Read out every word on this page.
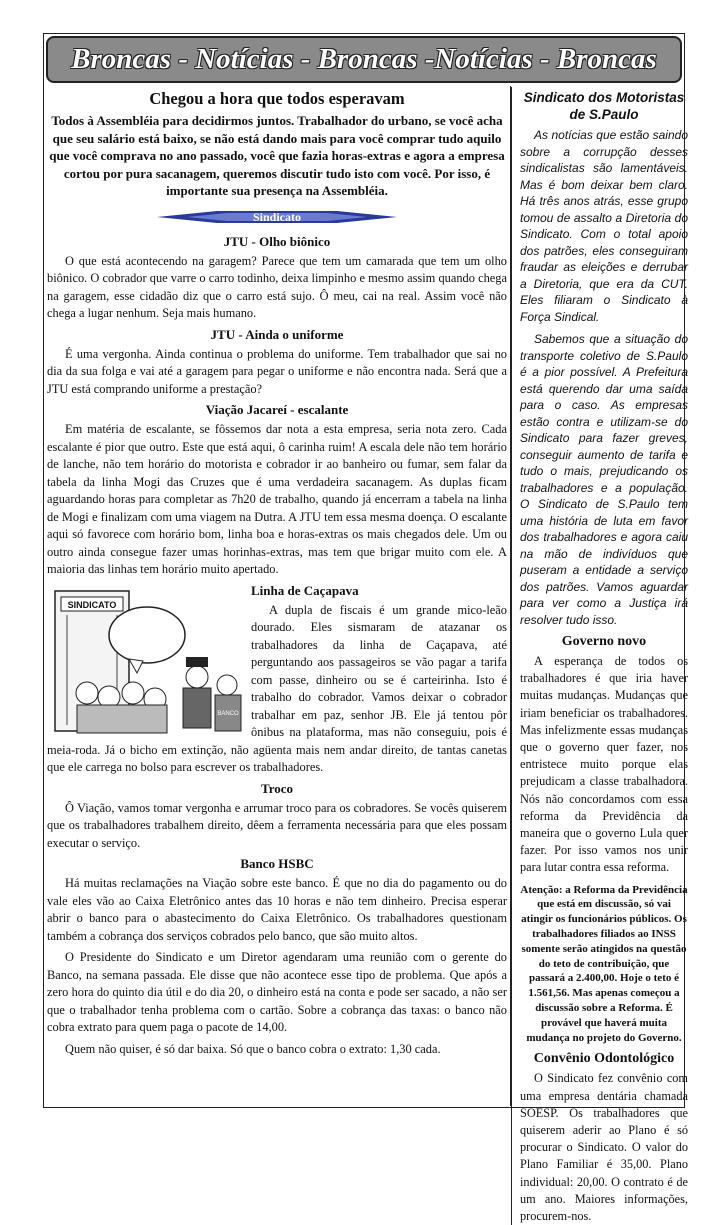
Broncas - Notícias - Broncas -Notícias - Broncas
Chegou a hora que todos esperavam

Todos à Assembléia para decidirmos juntos. Trabalhador do urbano, se você acha que seu salário está baixo, se não está dando mais para você comprar tudo aquilo que você comprava no ano passado, você que fazia horas-extras e agora a empresa cortou por pura sacanagem, queremos discutir tudo isto com você. Por isso, é importante sua presença na Assembléia.

Sindicato
JTU - Olho biônico

O que está acontecendo na garagem? Parece que tem um camarada que tem um olho biônico. O cobrador que varre o carro todinho, deixa limpinho e mesmo assim quando chega na garagem, esse cidadão diz que o carro está sujo. Ô meu, cai na real. Assim você não chega a lugar nenhum. Seja mais humano.

JTU - Ainda o uniforme

É uma vergonha. Ainda continua o problema do uniforme. Tem trabalhador que sai no dia da sua folga e vai até a garagem para pegar o uniforme e não encontra nada. Será que a JTU está comprando uniforme a prestação?

Viação Jacareí - escalante

Em matéria de escalante, se fôssemos dar nota a esta empresa, seria nota zero. Cada escalante é pior que outro. Este que está aqui, ô carinha ruim! A escala dele não tem horário de lanche, não tem horário do motorista e cobrador ir ao banheiro ou fumar, sem falar da tabela da linha Mogi das Cruzes que é uma verdadeira sacanagem. As duplas ficam aguardando horas para completar as 7h20 de trabalho, quando já encerram a tabela na linha de Mogi e finalizam com uma viagem na Dutra. A JTU tem essa mesma doença. O escalante aqui só favorece com horário bom, linha boa e horas-extras os mais chegados dele. Um ou outro ainda consegue fazer umas horinhas-extras, mas tem que brigar muito com ele. A maioria das linhas tem horário muito apertado.

SINDICATO
BANCO
Linha de Caçapava

A dupla de fiscais é um grande mico-leão dourado. Eles sismaram de atazanar os trabalhadores da linha de Caçapava, até perguntando aos passageiros se vão pagar a tarifa com passe, dinheiro ou se é carteirinha. Isto é trabalho do cobrador. Vamos deixar o cobrador trabalhar em paz, senhor JB. Ele já tentou pôr ônibus na plataforma, mas não conseguiu, pois é meia-roda. Já o bicho em extinção, não agüenta mais nem andar direito, de tantas canetas que ele carrega no bolso para escrever os trabalhadores.

Troco

Ô Viação, vamos tomar vergonha e arrumar troco para os cobradores. Se vocês quiserem que os trabalhadores trabalhem direito, dêem a ferramenta necessária para que eles possam executar o serviço.

Banco HSBC

Há muitas reclamações na Viação sobre este banco. É que no dia do pagamento ou do vale eles vão ao Caixa Eletrônico antes das 10 horas e não tem dinheiro. Precisa esperar abrir o banco para o abastecimento do Caixa Eletrônico. Os trabalhadores questionam também a cobrança dos serviços cobrados pelo banco, que são muito altos.

O Presidente do Sindicato e um Diretor agendaram uma reunião com o gerente do Banco, na semana passada. Ele disse que não acontece esse tipo de problema. Que após a zero hora do quinto dia útil e do dia 20, o dinheiro está na conta e pode ser sacado, a não ser que o trabalhador tenha problema com o cartão. Sobre a cobrança das taxas: o banco não cobra extrato para quem paga o pacote de 14,00.

Quem não quiser, é só dar baixa. Só que o banco cobra o extrato: 1,30 cada.

Sindicato dos Motoristas de S.Paulo

As notícias que estão saindo sobre a corrupção desses sindicalistas são lamentáveis. Mas é bom deixar bem claro. Há três anos atrás, esse grupo tomou de assalto a Diretoria do Sindicato. Com o total apoio dos patrões, eles conseguiram fraudar as eleições e derrubar a Diretoria, que era da CUT. Eles filiaram o Sindicato à Força Sindical.

Sabemos que a situação do transporte coletivo de S.Paulo é a pior possível. A Prefeitura está querendo dar uma saída para o caso. As empresas estão contra e utilizam-se do Sindicato para fazer greves, conseguir aumento de tarifa e tudo o mais, prejudicando os trabalhadores e a população. O Sindicato de S.Paulo tem uma história de luta em favor dos trabalhadores e agora caiu na mão de indivíduos que puseram a entidade a serviço dos patrões. Vamos aguardar para ver como a Justiça irá resolver tudo isso.

Governo novo

A esperança de todos os trabalhadores é que iria haver muitas mudanças. Mudanças que iriam beneficiar os trabalhadores. Mas infelizmente essas mudanças que o governo quer fazer, nos entristece muito porque elas prejudicam a classe trabalhadora. Nós não concordamos com essa reforma da Previdência da maneira que o governo Lula quer fazer. Por isso vamos nos unir para lutar contra essa reforma.

Atenção: a Reforma da Previdência que está em discussão, só vai atingir os funcionários públicos. Os trabalhadores filiados ao INSS somente serão atingidos na questão do teto de contribuição, que passará a 2.400,00. Hoje o teto é 1.561,56. Mas apenas começou a discussão sobre a Reforma. É provável que haverá muita mudança no projeto do Governo.

Convênio Odontológico

O Sindicato fez convênio com uma empresa dentária chamada SOESP. Os trabalhadores que quiserem aderir ao Plano é só procurar o Sindicato. O valor do Plano Familiar é 35,00. Plano individual: 20,00. O contrato é de um ano. Maiores informações, procurem-nos.
